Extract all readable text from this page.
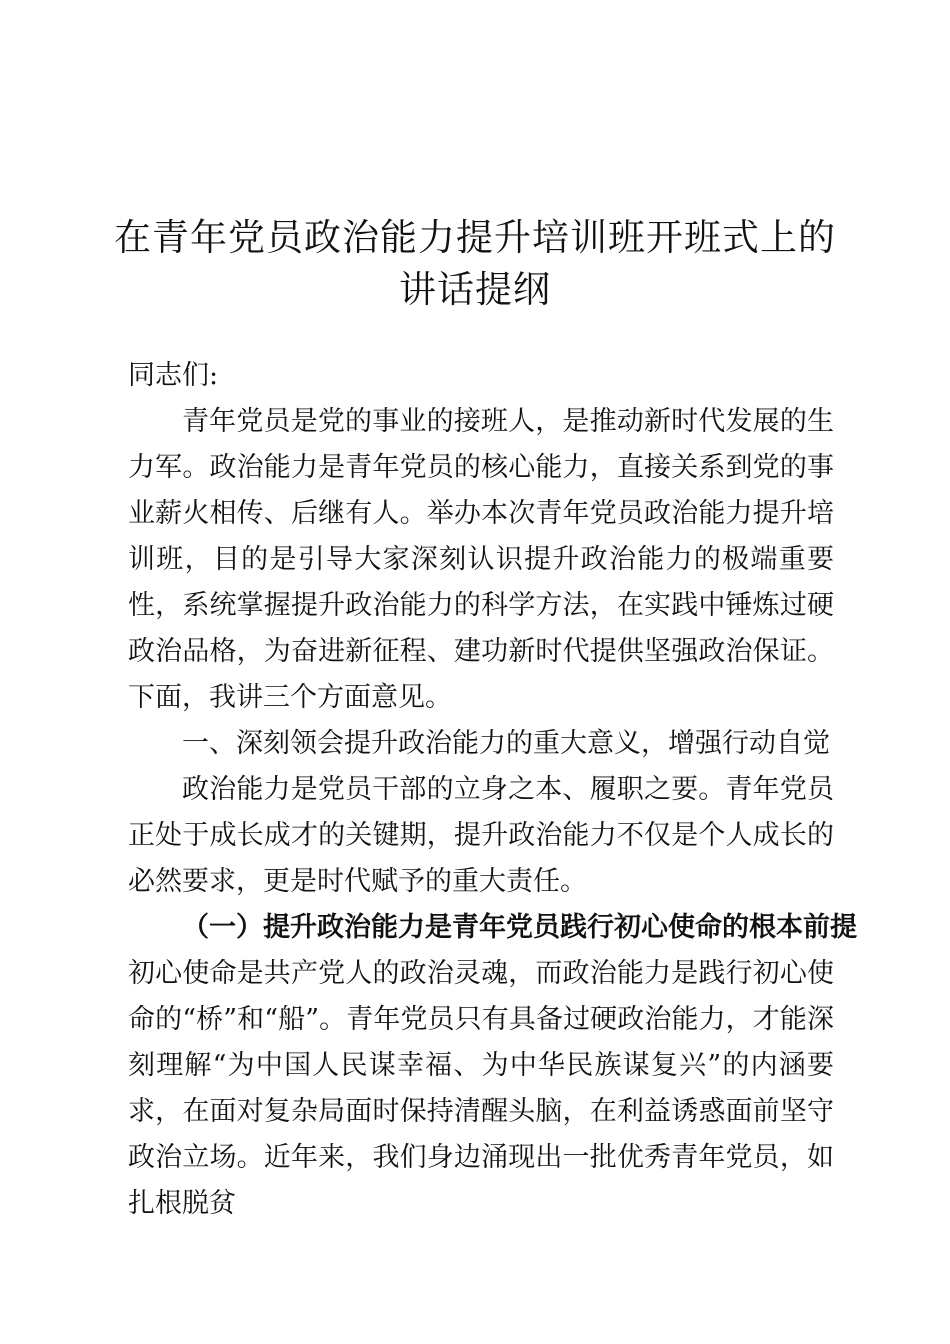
在青年党员政治能力提升培训班开班式上的讲话提纲

同志们:

青年党员是党的事业的接班人，是推动新时代发展的生力军。政治能力是青年党员的核心能力，直接关系到党的事业薪火相传、后继有人。举办本次青年党员政治能力提升培训班，目的是引导大家深刻认识提升政治能力的极端重要性，系统掌握提升政治能力的科学方法，在实践中锤炼过硬政治品格，为奋进新征程、建功新时代提供坚强政治保证。下面，我讲三个方面意见。

一、深刻领会提升政治能力的重大意义，增强行动自觉

政治能力是党员干部的立身之本、履职之要。青年党员正处于成长成才的关键期，提升政治能力不仅是个人成长的必然要求，更是时代赋予的重大责任。

（一）提升政治能力是青年党员践行初心使命的根本前提

初心使命是共产党人的政治灵魂，而政治能力是践行初心使命的“桥”和“船”。青年党员只有具备过硬政治能力，才能深刻理解“为中国人民谋幸福、为中华民族谋复兴”的内涵要求，在面对复杂局面时保持清醒头脑，在利益诱惑面前坚守政治立场。近年来，我们身边涌现出一批优秀青年党员，如扎根脱贫
